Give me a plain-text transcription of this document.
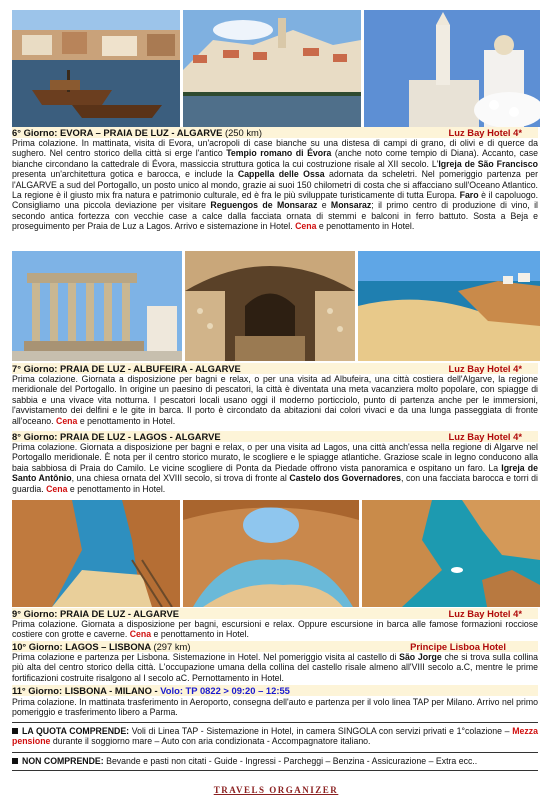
6° Giorno: EVORA – PRAIA DE LUZ - ALGARVE (250 km)	Luz Bay Hotel 4*
Prima colazione. In mattinata, visita di Evora, un'acropoli di case bianche su una distesa di campi di grano, di olivi e di querce da sughero. Nel centro storico della città si erge l'antico Tempio romano di Évora (anche noto come tempio di Diana). Accanto, case bianche circondano la cattedrale di Évora, massiccia struttura gotica la cui costruzione risale al XII secolo. L'Igreja de São Francisco presenta un'architettura gotica e barocca, e include la Cappella delle Ossa adornata da scheletri. Nel pomeriggio partenza per l'ALGARVE a sud del Portogallo, un posto unico al mondo, grazie ai suoi 150 chilometri di costa che si affacciano sull'Oceano Atlantico. La regione è il giusto mix fra natura e patrimonio culturale, ed è fra le più sviluppate turisticamente di tutta Europa. Faro è il capoluogo. Consigliamo una piccola deviazione per visitare Reguengos de Monsaraz e Monsaraz; il primo centro di produzione di vino, il secondo antica fortezza con vecchie case a calce dalla facciata ornata di stemmi e balconi in ferro battuto. Sosta a Beja e proseguimento per Praia de Luz a Lagos. Arrivo e sistemazione in Hotel. Cena e penottamento in Hotel.
7° Giorno: PRAIA DE LUZ - ALBUFEIRA - ALGARVE	Luz Bay Hotel 4*
Prima colazione. Giornata a disposizione per bagni e relax, o per una visita ad Albufeira, una città costiera dell'Algarve, la regione meridionale del Portogallo. In origine un paesino di pescatori, la città è diventata una meta vacanziera molto popolare, con spiagge di sabbia e una vivace vita notturna. I pescatori locali usano oggi il moderno porticciolo, punto di partenza anche per le immersioni, l'avvistamento dei delfini e le gite in barca. Il porto è circondato da abitazioni dai colori vivaci e da una lunga passeggiata di fronte all'oceano. Cena e penottamento in Hotel.
8° Giorno: PRAIA DE LUZ - LAGOS - ALGARVE	Luz Bay Hotel 4*
Prima colazione. Giornata a disposizione per bagni e relax, o per una visita ad Lagos, una città anch'essa nella regione di Algarve nel Portogallo meridionale. È nota per il centro storico murato, le scogliere e le spiagge atlantiche. Graziose scale in legno conducono alla baia sabbiosa di Praia do Camilo. Le vicine scogliere di Ponta da Piedade offrono vista panoramica e ospitano un faro. La Igreja de Santo Antônio, una chiesa ornata del XVIII secolo, si trova di fronte al Castelo dos Governadores, con una facciata barocca e torri di guardia. Cena e penottamento in Hotel.
9° Giorno: PRAIA DE LUZ - ALGARVE	Luz Bay Hotel 4*
Prima colazione. Giornata a disposizione per bagni, escursioni e relax. Oppure escursione in barca alle famose formazioni rocciose costiere con grotte e caverne. Cena e penottamento in Hotel.
10° Giorno: LAGOS – LISBONA (297 km)	Principe Lisboa Hotel
Prima colazione e partenza per Lisbona. Sistemazione in Hotel. Nel pomeriggio visita al castello di São Jorge che si trova sulla collina più alta del centro storico della città. L'occupazione umana della collina del castello risale almeno all'VIII secolo a.C, mentre le prime fortificazioni costruite risalgono al I secolo aC. Pernottamento in Hotel.
11° Giorno: LISBONA - MILANO - Volo: TP 0822 > 09:20 – 12:55
Prima colazione. In mattinata trasferimento in Aeroporto, consegna dell'auto e partenza per il volo linea TAP per Milano. Arrivo nel primo pomeriggio e trasferimento libero a Parma.
LA QUOTA COMPRENDE: Voli di Linea TAP - Sistemazione in Hotel, in camera SINGOLA con servizi privati e 1°colazione – Mezza pensione durante il soggiorno mare – Auto con aria condizionata - Accompagnatore italiano.
NON COMPRENDE: Bevande e pasti non citati - Guide - Ingressi - Parcheggi – Benzina - Assicurazione – Extra ecc..
TRAVELS ORGANIZER
